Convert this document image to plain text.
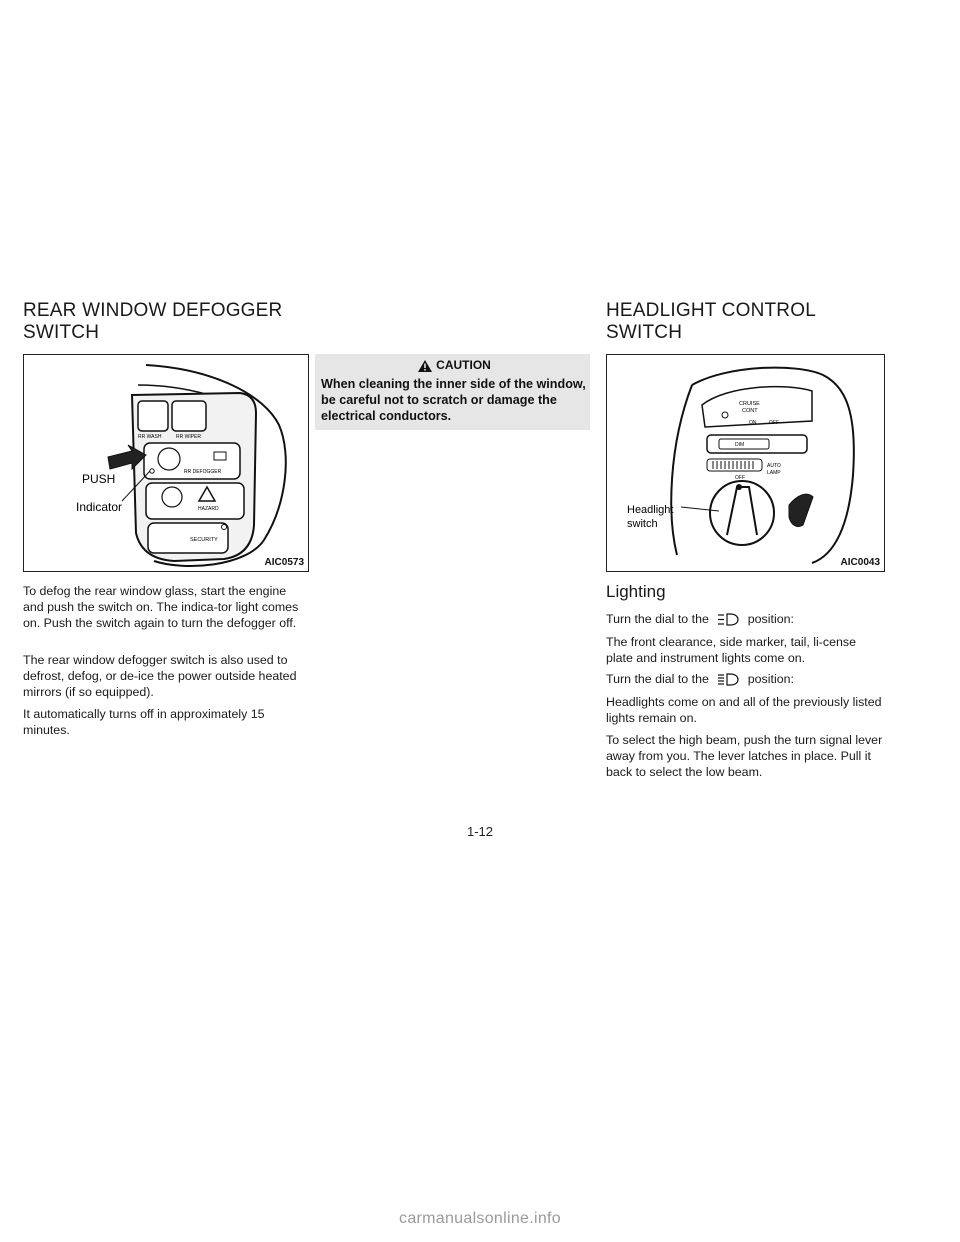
REAR WINDOW DEFOGGER
SWITCH
HEADLIGHT CONTROL
SWITCH
RR WASH	RR WIPER
RR DEFOGGER
HAZARD
SECURITY
PUSH
Indicator
AIC0573
CAUTION
When cleaning the inner side of the window, be careful not to scratch or damage the electrical conductors.

To defog the rear window glass, start the engine and push the switch on. The indica-tor light comes on. Push the switch again to turn the defogger off.

The rear window defogger switch is also used to defrost, defog, or de-ice the power outside heated mirrors (if so equipped).

It automatically turns off in approximately 15 minutes.

CRUISE
CONT
ON	OFF
DIM
AUTO
LAMP
OFF
Headlight
switch
AIC0043
Lighting

Turn the dial to the	position:

The front clearance, side marker, tail, li-cense plate and instrument lights come on.

Turn the dial to the	position:

Headlights come on and all of the previously listed lights remain on.

To select the high beam, push the turn signal lever away from you. The lever latches in place. Pull it back to select the low beam.

1-12
carmanualsonline.info
